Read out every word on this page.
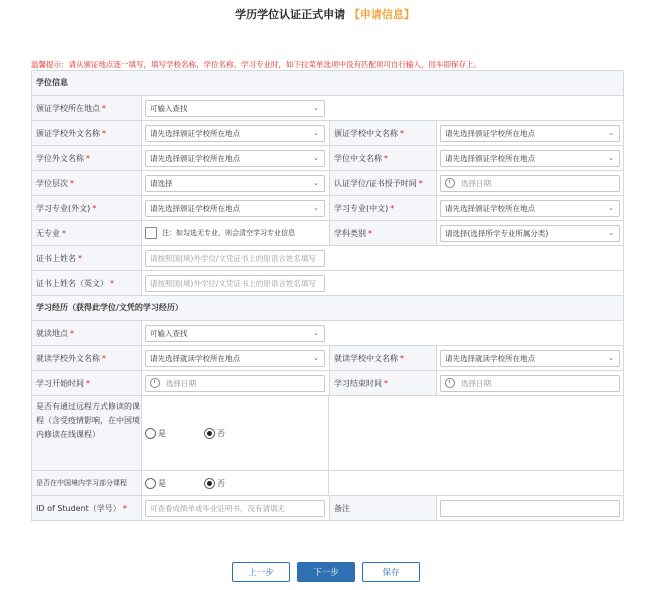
学历学位认证正式申请 【申请信息】
温馨提示：请从颁证地点逐一填写，填写学校名称、学位名称、学习专业时，如下拉菜单选项中没有匹配项可自行输入，回车即保存上。
学位信息
颁证学校所在地点 *	可输入查找	⌄
颁证学校外文名称 *	请先选择颁证学校所在地点	⌄ 颁证学校中文名称 *	请先选择颁证学校所在地点	⌄
学位外文名称 *	请先选择颁证学校所在地点	⌄ 学位中文名称 *	请先选择颁证学校所在地点	⌄
学位层次 *	请选择	⌄ 认证学位/证书授予时间 *	选择日期
学习专业(外文) *	请先选择颁证学校所在地点	⌄ 学习专业(中文) *	请先选择颁证学校所在地点	⌄
无专业 *	注：如勾选无专业，则会清空学习专业信息	学科类别 *	请选择(选择所学专业所属分类)	⌄
证书上姓名 *	请按照国(境)外学位/文凭证书上的原语言姓名填写
证书上姓名（英文） *	请按照国(境)外学位/文凭证书上的原语言姓名填写
学习经历（获得此学位/文凭的学习经历）
就读地点 *	可输入查找	⌄
就读学校外文名称 *	请先选择就读学校所在地点	⌄ 就读学校中文名称 *	请先选择就读学校所在地点	⌄
学习开始时间 *	选择日期	学习结束时间 *	选择日期
是否有通过远程方式修读的课程（含受疫情影响，在中国境内修读在线课程）	是	否
是否在中国境内学习部分课程	是	否
ID of Student（学号） *	可查看成绩单或毕业证明书，没有请填无	备注
上一步	下一步	保存
